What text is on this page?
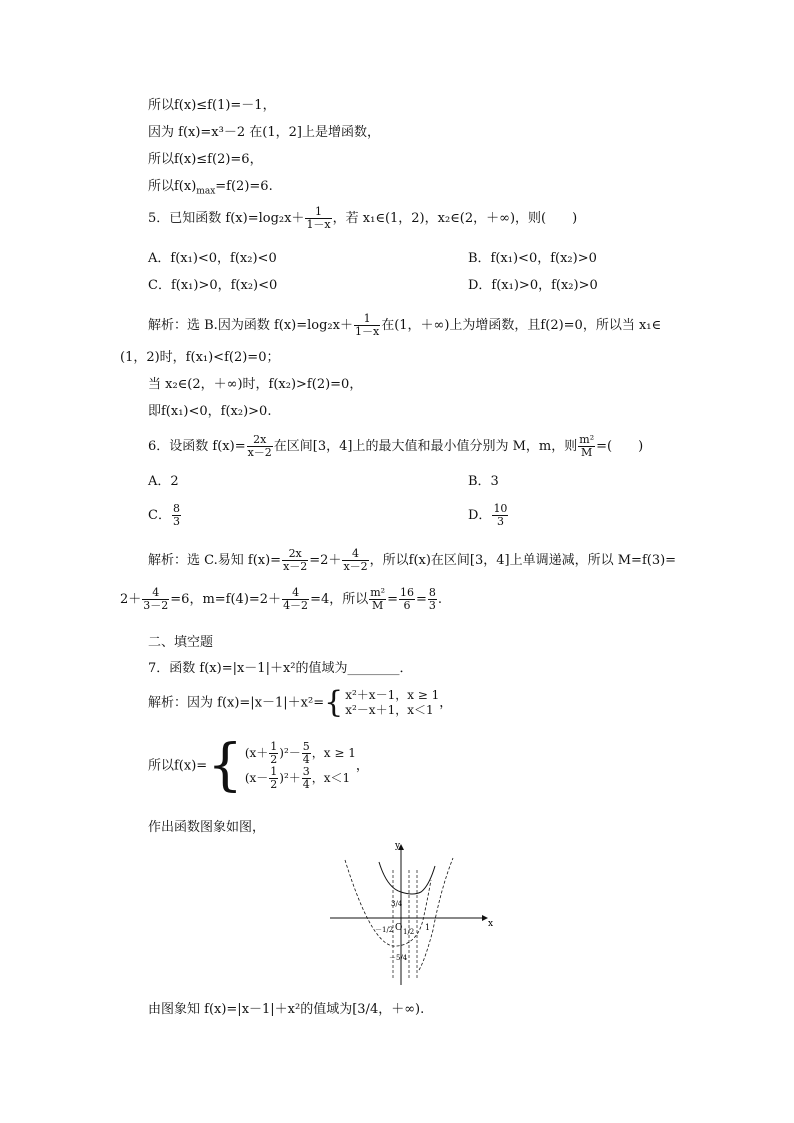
所以f(x)≤f(1)=－1，
因为 f(x)=x³－2 在(1，2]上是增函数，
所以f(x)≤f(2)=6，
所以$f(x)_{max}=f(2)=6$.
5．已知函数 $f(x)=\log_2x+ \frac{1}{1-x}$ ，若 x₁∈(1，2)，x₂∈(2，＋∞)，则(　　)
A．f(x₁)<0，f(x₂)<0	B．f(x₁)<0，f(x₂)>0
C．f(x₁)>0，f(x₂)<0	D．f(x₁)>0，f(x₂)>0
解析：选 B.因为函数 $f(x)=\log_2x+ \frac{1}{1-x}$ 在(1，＋∞)上为增函数，且f(2)=0，所以当 x₁∈
(1，2)时，f(x₁)<f(2)=0；
当 x₂∈(2，＋∞)时，f(x₂)>f(2)=0，
即f(x₁)<0，f(x₂)>0.
6．设函数 $f(x)= \frac{2x}{x-2}$ 在区间[3，4]上的最大值和最小值分别为 M，m，则 $\frac{\text{m²}}{M}$ =(　　)
A．2	B．3
C． $\frac{8}{3}$	D． $\frac{10}{3}$
解析：选 C.易知 $f(x)= \frac{2x}{x-2} =2+ \frac{4}{x-2}$ ，所以f(x)在区间[3，4]上单调递减，所以 M=f(3)=
$2+ \frac{4}{3-2} =6$，$m=f(4)=2+ \frac{4}{4-2} =4$，所以 $\frac{\text{m²}}{M} = \frac{16}{6} = \frac{8}{3}$ .
二、填空题
7．函数 f(x)=|x－1|＋x²的值域为________．
解析：因为 f(x)=|x－1|＋x²={ x²＋x－1，x ≥ 1
x²－x＋1，x＜1 ，
所以f(x)={ $(x+ \frac{1}{2} )^2- \frac{5}{4}$ ，x ≥ 1
$(x- \frac{1}{2} )^2+ \frac{3}{4}$ ，x＜1
，
作出函数图象如图，
x
y
O	1
－1/2 1/2
3/4
－5/4
由图象知 f(x)=|x－1|＋x²的值域为[3/4，＋∞).
